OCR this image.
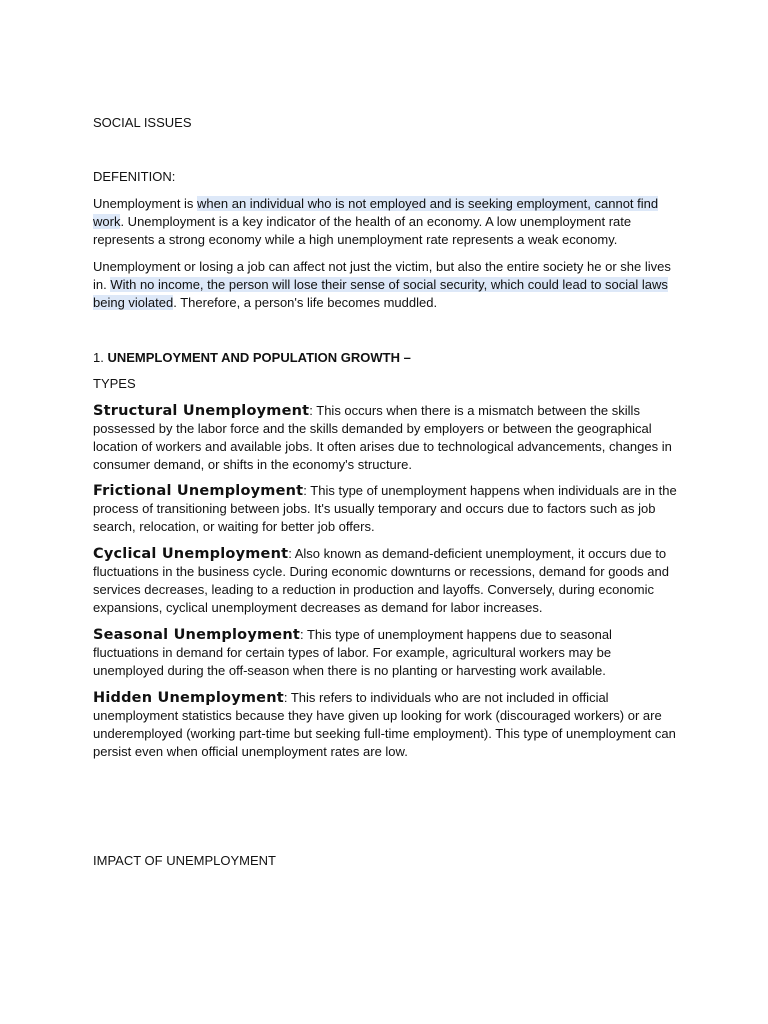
SOCIAL ISSUES

DEFENITION:

Unemployment is when an individual who is not employed and is seeking employment, cannot find work. Unemployment is a key indicator of the health of an economy. A low unemployment rate represents a strong economy while a high unemployment rate represents a weak economy.

Unemployment or losing a job can affect not just the victim, but also the entire society he or she lives in. With no income, the person will lose their sense of social security, which could lead to social laws being violated. Therefore, a person's life becomes muddled.

1. UNEMPLOYMENT AND POPULATION GROWTH –

TYPES

Structural Unemployment: This occurs when there is a mismatch between the skills possessed by the labor force and the skills demanded by employers or between the geographical location of workers and available jobs. It often arises due to technological advancements, changes in consumer demand, or shifts in the economy's structure.

Frictional Unemployment: This type of unemployment happens when individuals are in the process of transitioning between jobs. It's usually temporary and occurs due to factors such as job search, relocation, or waiting for better job offers.

Cyclical Unemployment: Also known as demand-deficient unemployment, it occurs due to fluctuations in the business cycle. During economic downturns or recessions, demand for goods and services decreases, leading to a reduction in production and layoffs. Conversely, during economic expansions, cyclical unemployment decreases as demand for labor increases.

Seasonal Unemployment: This type of unemployment happens due to seasonal fluctuations in demand for certain types of labor. For example, agricultural workers may be unemployed during the off-season when there is no planting or harvesting work available.

Hidden Unemployment: This refers to individuals who are not included in official unemployment statistics because they have given up looking for work (discouraged workers) or are underemployed (working part-time but seeking full-time employment). This type of unemployment can persist even when official unemployment rates are low.

IMPACT OF UNEMPLOYMENT
